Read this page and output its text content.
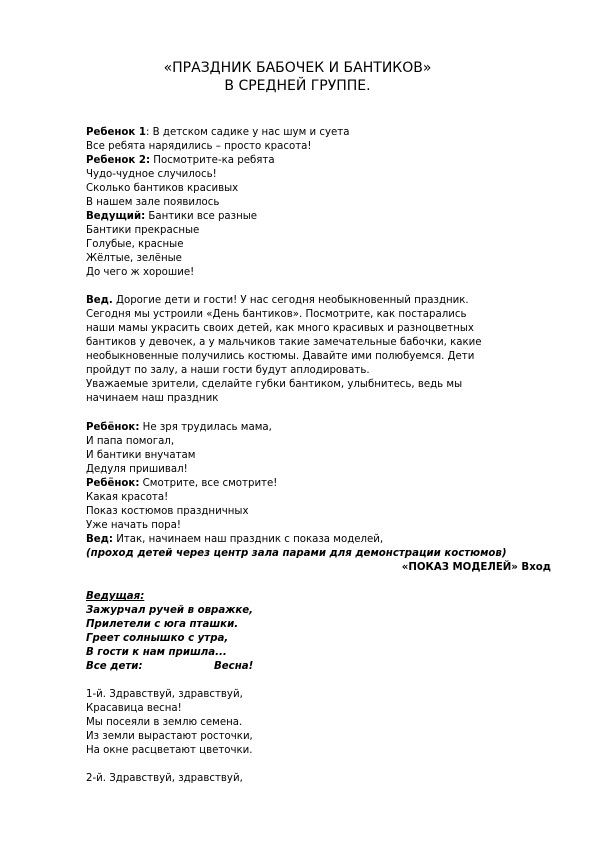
«ПРАЗДНИК БАБОЧЕК И БАНТИКОВ»
В СРЕДНЕЙ ГРУППЕ.
Ребенок 1: В детском садике у нас шум и суета
Все ребята нарядились – просто красота!
Ребенок 2: Посмотрите-ка ребята
Чудо-чудное случилось!
Сколько бантиков красивых
В нашем зале появилось
Ведущий: Бантики все разные
Бантики прекрасные
Голубые, красные
Жёлтые, зелёные
До чего ж хорошие!
Вед. Дорогие дети и гости! У нас сегодня необыкновенный праздник.
Сегодня мы устроили «День бантиков». Посмотрите, как постарались
наши мамы украсить своих детей, как много красивых и разноцветных
бантиков у девочек, а у мальчиков такие замечательные бабочки, какие
необыкновенные получились костюмы. Давайте ими полюбуемся. Дети
пройдут по залу, а наши гости будут аплодировать.
Уважаемые зрители, сделайте губки бантиком, улыбнитесь, ведь мы
начинаем наш праздник
Ребёнок: Не зря трудилась мама,
И папа помогал,
И бантики внучатам
Дедуля пришивал!
Ребёнок: Смотрите, все смотрите!
Какая красота!
Показ костюмов праздничных
Уже начать пора!
Вед: Итак, начинаем наш праздник с показа моделей,
(проход детей через центр зала парами для демонстрации костюмов)
«ПОКАЗ МОДЕЛЕЙ» Вход
Ведущая:
Зажурчал ручей в овражке,
Прилетели с юга пташки.
Греет солнышко с утра,
В гости к нам пришла...
Все дети:	Весна!
1-й. Здравствуй, здравствуй,
Красавица весна!
Мы посеяли в землю семена.
Из земли вырастают росточки,
На окне расцветают цветочки.
2-й. Здравствуй, здравствуй,
